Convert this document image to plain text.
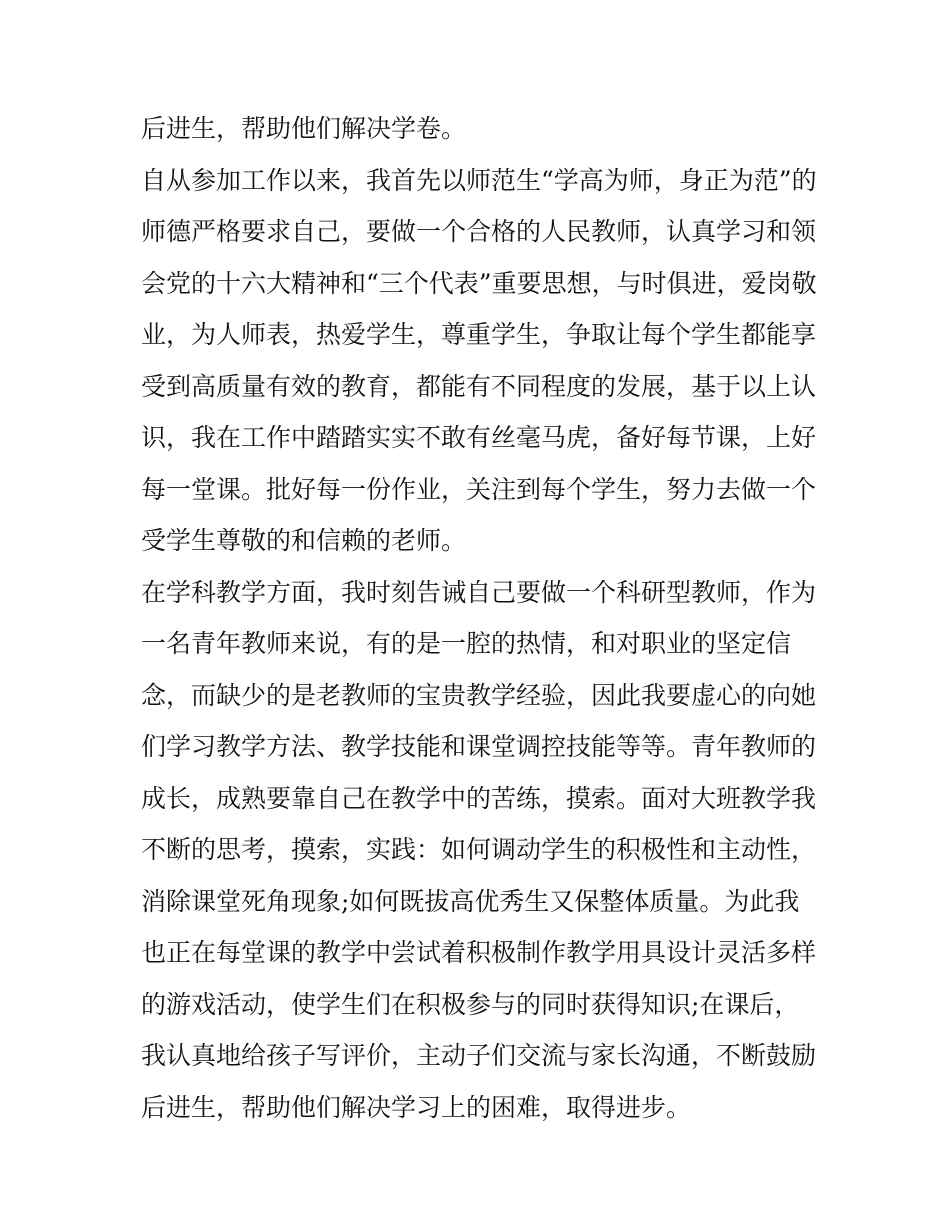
后进生，帮助他们解决学卷。
自从参加工作以来，我首先以师范生“学高为师，身正为范”的
师德严格要求自己，要做一个合格的人民教师，认真学习和领
会党的十六大精神和“三个代表”重要思想，与时俱进，爱岗敬
业，为人师表，热爱学生，尊重学生，争取让每个学生都能享
受到高质量有效的教育，都能有不同程度的发展，基于以上认
识，我在工作中踏踏实实不敢有丝毫马虎，备好每节课，上好
每一堂课。批好每一份作业，关注到每个学生，努力去做一个
受学生尊敬的和信赖的老师。
在学科教学方面，我时刻告诫自己要做一个科研型教师，作为
一名青年教师来说，有的是一腔的热情，和对职业的坚定信
念，而缺少的是老教师的宝贵教学经验，因此我要虚心的向她
们学习教学方法、教学技能和课堂调控技能等等。青年教师的
成长，成熟要靠自己在教学中的苦练，摸索。面对大班教学我
不断的思考，摸索，实践：如何调动学生的积极性和主动性，
消除课堂死角现象;如何既拔高优秀生又保整体质量。为此我
也正在每堂课的教学中尝试着积极制作教学用具设计灵活多样
的游戏活动，使学生们在积极参与的同时获得知识;在课后，
我认真地给孩子写评价，主动子们交流与家长沟通，不断鼓励
后进生，帮助他们解决学习上的困难，取得进步。
